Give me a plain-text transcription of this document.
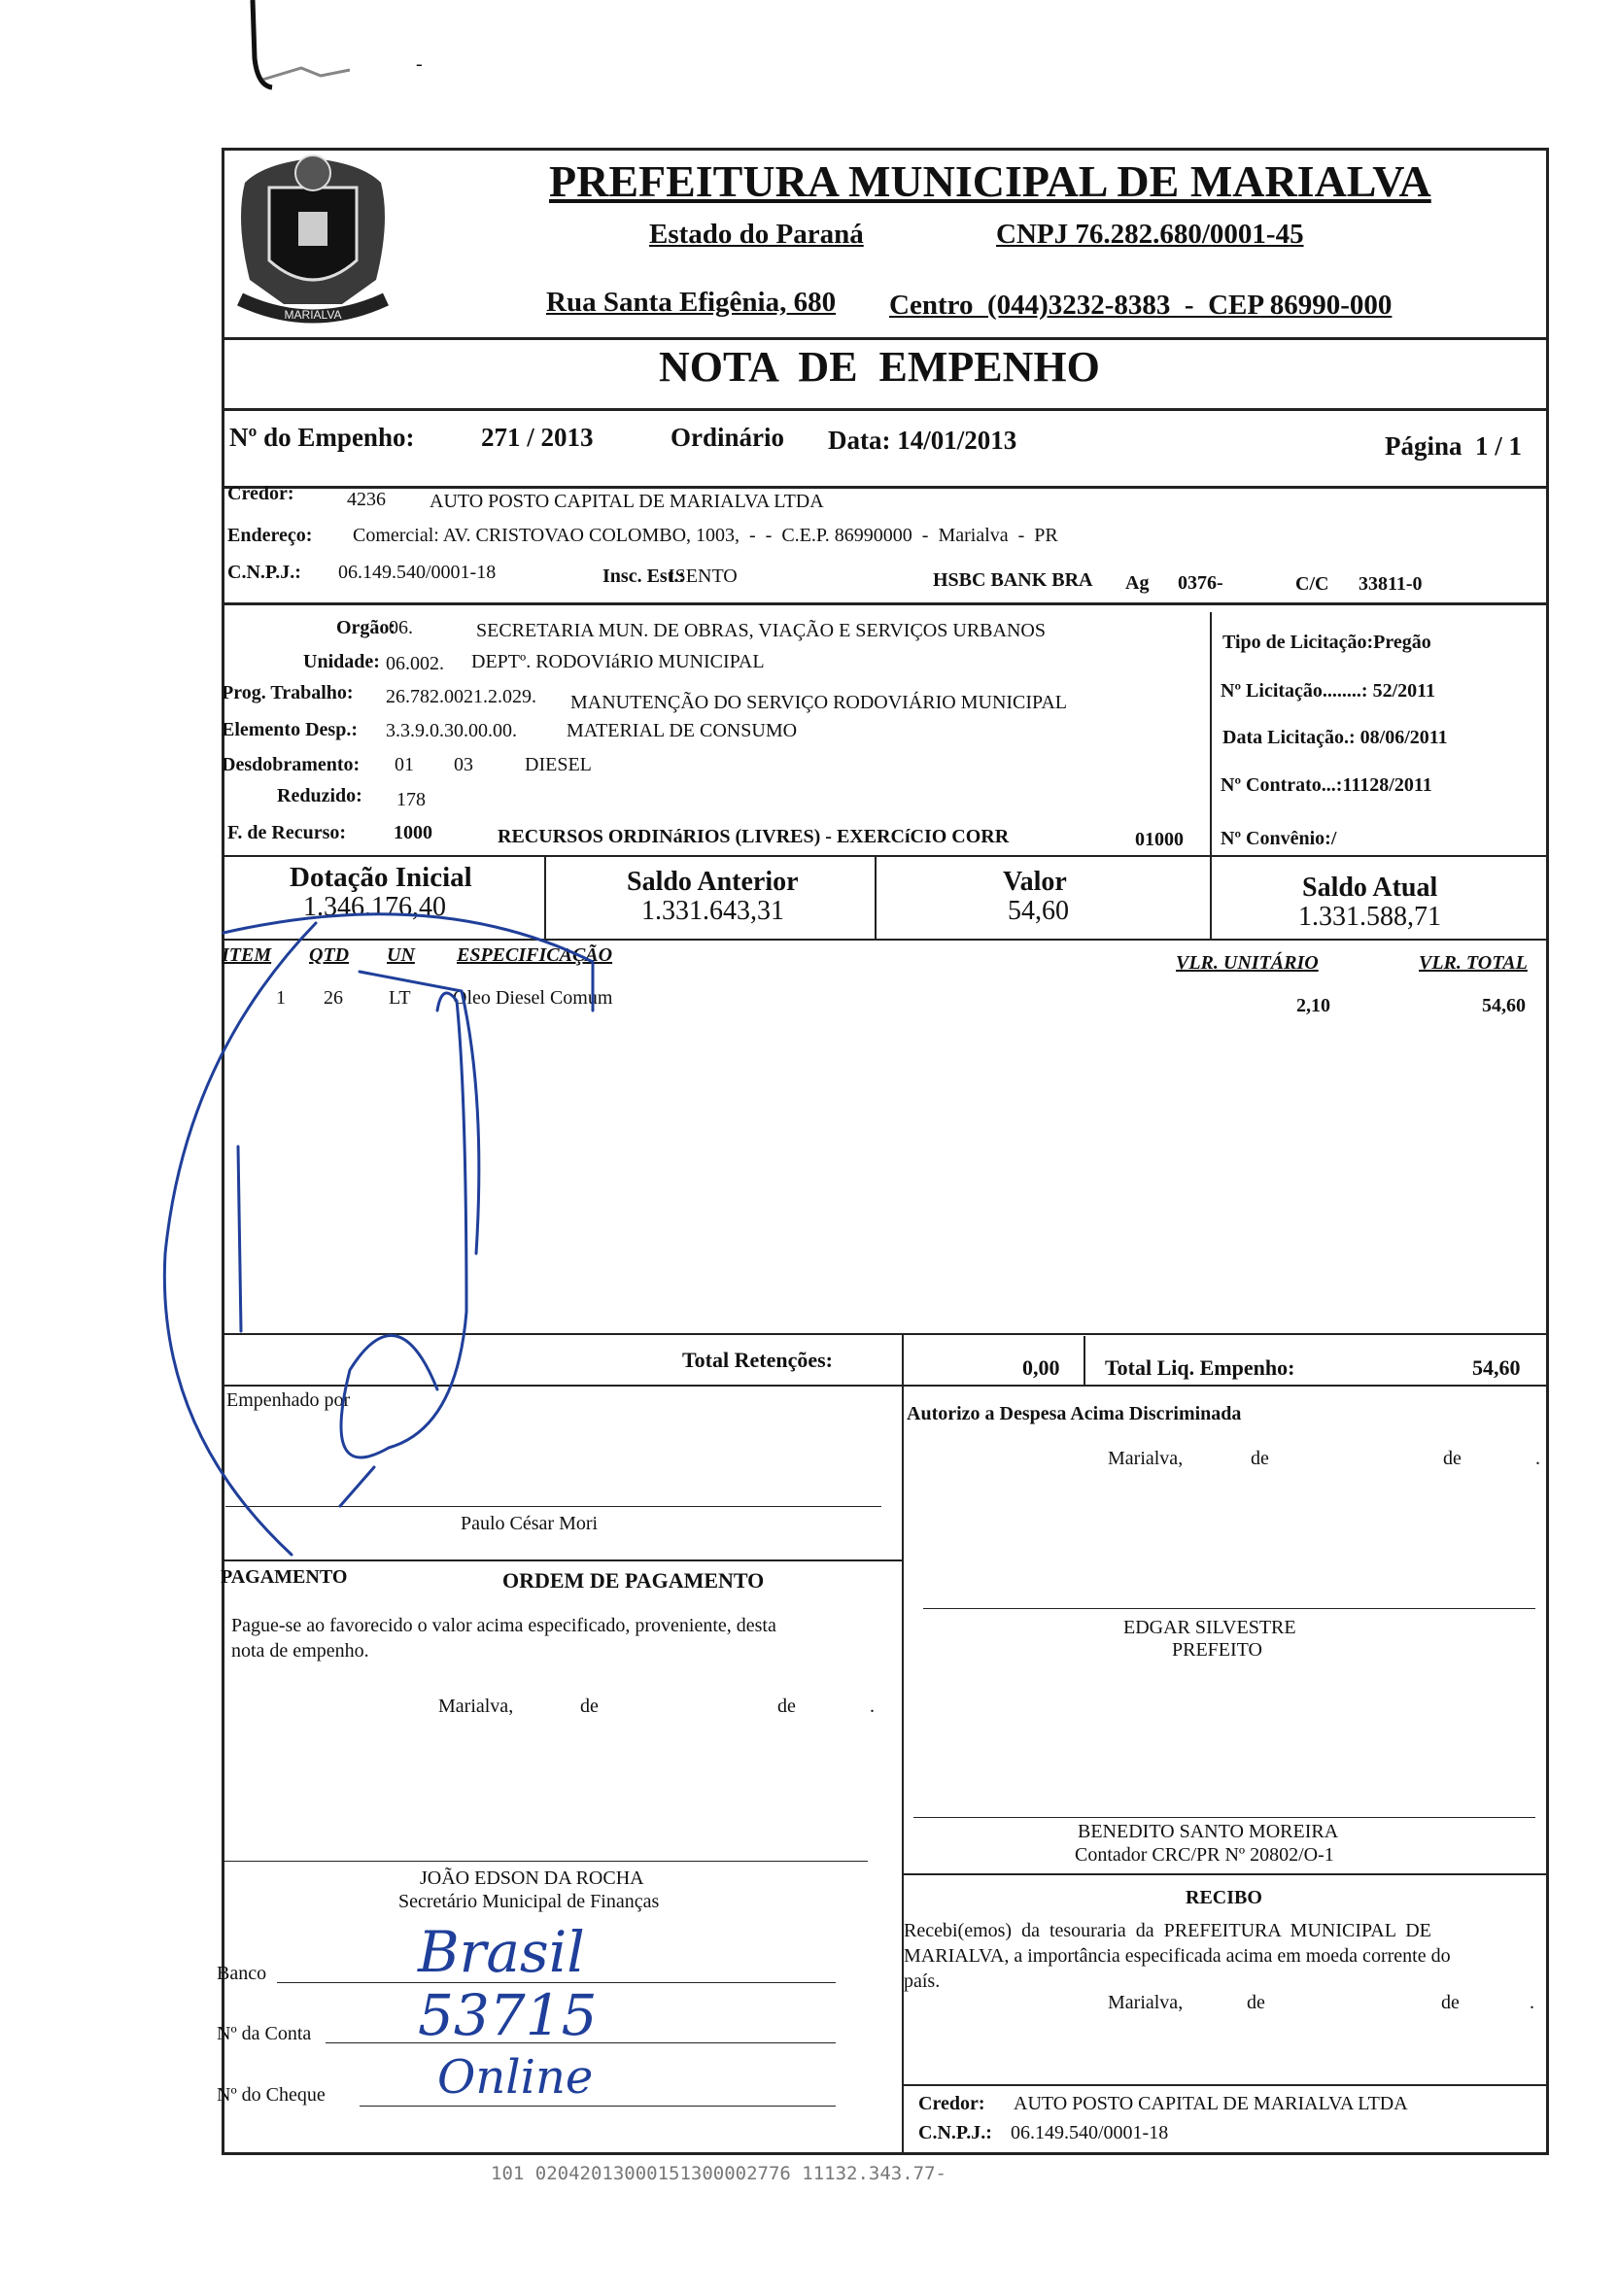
-
MARIALVA
PREFEITURA MUNICIPAL DE MARIALVA
Estado do Paraná	CNPJ 76.282.680/0001-45
Rua Santa Efigênia, 680 Centro  (044)3232-8383  -  CEP 86990-000
NOTA  DE  EMPENHO
Nº do Empenho:	271 / 2013	Ordinário Data: 14/01/2013	Página  1 / 1
Credor:	4236 AUTO POSTO CAPITAL DE MARIALVA LTDA
Endereço: Comercial: AV. CRISTOVAO COLOMBO, 1003,  -  -  C.E.P. 86990000  -  Marialva  -  PR
C.N.P.J.: 06.149.540/0001-18	Insc. Est.:
ISENTO	HSBC BANK BRA Ag 0376-	C/C 33811-0
Orgão:
06.	SECRETARIA MUN. DE OBRAS, VIAÇÃO E SERVIÇOS URBANOS
Unidade: 06.002. DEPTº. RODOVIáRIO MUNICIPAL
Prog. Trabalho: 26.782.0021.2.029. MANUTENÇÃO DO SERVIÇO RODOVIÁRIO MUNICIPAL
Elemento Desp.: 3.3.9.0.30.00.00.	MATERIAL DE CONSUMO
Desdobramento: 01 03	DIESEL
Reduzido: 178
F. de Recurso: 1000	RECURSOS ORDINáRIOS (LIVRES) - EXERCíCIO CORR	01000
Tipo de Licitação:Pregão
Nº Licitação........: 52/2011
Data Licitação.: 08/06/2011
Nº Contrato...:11128/2011
Nº Convênio:/
Dotação Inicial
1.346.176,40
Saldo Anterior
1.331.643,31
Valor
54,60
Saldo Atual
1.331.588,71
ITEM QTD UN ESPECIFICAÇÃO	VLR. UNITÁRIO	VLR. TOTAL
1 26 LT Oleo Diesel Comum	2,10	54,60
Total Retenções:	0,00 Total Liq. Empenho:	54,60
Empenhado por
Paulo César Mori
Autorizo a Despesa Acima Discriminada
Marialva,	de	de	.
PAGAMENTO	ORDEM DE PAGAMENTO
Pague-se ao favorecido o valor acima especificado, proveniente, desta
nota de empenho.
Marialva,	de	de	.
EDGAR SILVESTRE
PREFEITO
BENEDITO SANTO MOREIRA
Contador CRC/PR Nº 20802/O-1
JOÃO EDSON DA ROCHA
Secretário Municipal de Finanças	RECIBO
Recebi(emos)  da  tesouraria  da  PREFEITURA  MUNICIPAL  DE
MARIALVA, a importância especificada acima em moeda corrente do
país.
Marialva,	de	de	.
Credor: AUTO POSTO CAPITAL DE MARIALVA LTDA
C.N.P.J.: 06.149.540/0001-18
Banco	Brasil
Nº da Conta 53715
Nº do Cheque Online
101 02042013000151300002776 11132.343.77-
